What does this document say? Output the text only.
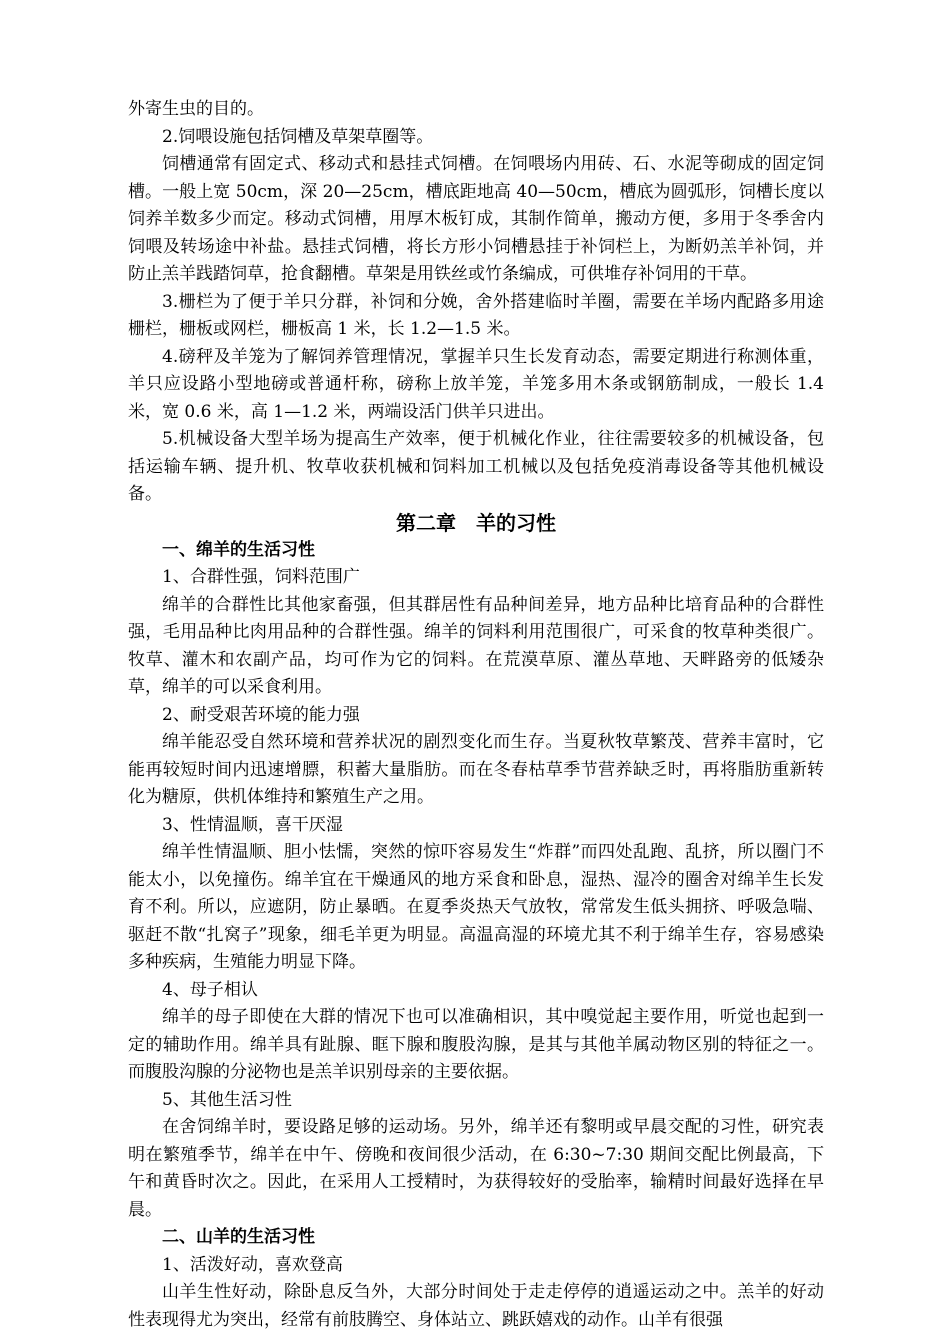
外寄生虫的目的。

2.饲喂设施包括饲槽及草架草圈等。

饲槽通常有固定式、移动式和悬挂式饲槽。在饲喂场内用砖、石、水泥等砌成的固定饲槽。一般上宽 50cm，深 20—25cm，槽底距地高 40—50cm，槽底为圆弧形，饲槽长度以饲养羊数多少而定。移动式饲槽，用厚木板钉成，其制作简单，搬动方便，多用于冬季舍内饲喂及转场途中补盐。悬挂式饲槽，将长方形小饲槽悬挂于补饲栏上，为断奶羔羊补饲，并防止羔羊践踏饲草，抢食翻槽。草架是用铁丝或竹条编成，可供堆存补饲用的干草。

3.栅栏为了便于羊只分群，补饲和分娩，舍外搭建临时羊圈，需要在羊场内配路多用途栅栏，栅板或网栏，栅板高 1 米，长 1.2—1.5 米。

4.磅秤及羊笼为了解饲养管理情况，掌握羊只生长发育动态，需要定期进行称测体重，羊只应设路小型地磅或普通杆称，磅称上放羊笼，羊笼多用木条或钢筋制成，一般长 1.4 米，宽 0.6 米，高 1—1.2 米，两端设活门供羊只进出。

5.机械设备大型羊场为提高生产效率，便于机械化作业，往往需要较多的机械设备，包括运输车辆、提升机、牧草收获机械和饲料加工机械以及包括免疫消毒设备等其他机械设备。

第二章　羊的习性

一、绵羊的生活习性

1、合群性强，饲料范围广

绵羊的合群性比其他家畜强，但其群居性有品种间差异，地方品种比培育品种的合群性强，毛用品种比肉用品种的合群性强。绵羊的饲料利用范围很广，可采食的牧草种类很广。牧草、灌木和农副产品，均可作为它的饲料。在荒漠草原、灌丛草地、天畔路旁的低矮杂草，绵羊的可以采食利用。

2、耐受艰苦环境的能力强

绵羊能忍受自然环境和营养状况的剧烈变化而生存。当夏秋牧草繁茂、营养丰富时，它能再较短时间内迅速增膘，积蓄大量脂肪。而在冬春枯草季节营养缺乏时，再将脂肪重新转化为糖原，供机体维持和繁殖生产之用。

3、性情温顺，喜干厌湿

绵羊性情温顺、胆小怯懦，突然的惊吓容易发生“炸群”而四处乱跑、乱挤，所以圈门不能太小，以免撞伤。绵羊宜在干燥通风的地方采食和卧息，湿热、湿冷的圈舍对绵羊生长发育不利。所以，应遮阴，防止暴晒。在夏季炎热天气放牧，常常发生低头拥挤、呼吸急喘、驱赶不散“扎窝子”现象，细毛羊更为明显。高温高湿的环境尤其不利于绵羊生存，容易感染多种疾病，生殖能力明显下降。

4、母子相认

绵羊的母子即使在大群的情况下也可以准确相识，其中嗅觉起主要作用，听觉也起到一定的辅助作用。绵羊具有趾腺、眶下腺和腹股沟腺，是其与其他羊属动物区别的特征之一。而腹股沟腺的分泌物也是羔羊识别母亲的主要依据。

5、其他生活习性

在舍饲绵羊时，要设路足够的运动场。另外，绵羊还有黎明或早晨交配的习性，研究表明在繁殖季节，绵羊在中午、傍晚和夜间很少活动，在 6:30~7:30 期间交配比例最高，下午和黄昏时次之。因此，在采用人工授精时，为获得较好的受胎率，输精时间最好选择在早晨。

二、山羊的生活习性

1、活泼好动，喜欢登高

山羊生性好动，除卧息反刍外，大部分时间处于走走停停的逍遥运动之中。羔羊的好动性表现得尤为突出，经常有前肢腾空、身体站立、跳跃嬉戏的动作。山羊有很强
